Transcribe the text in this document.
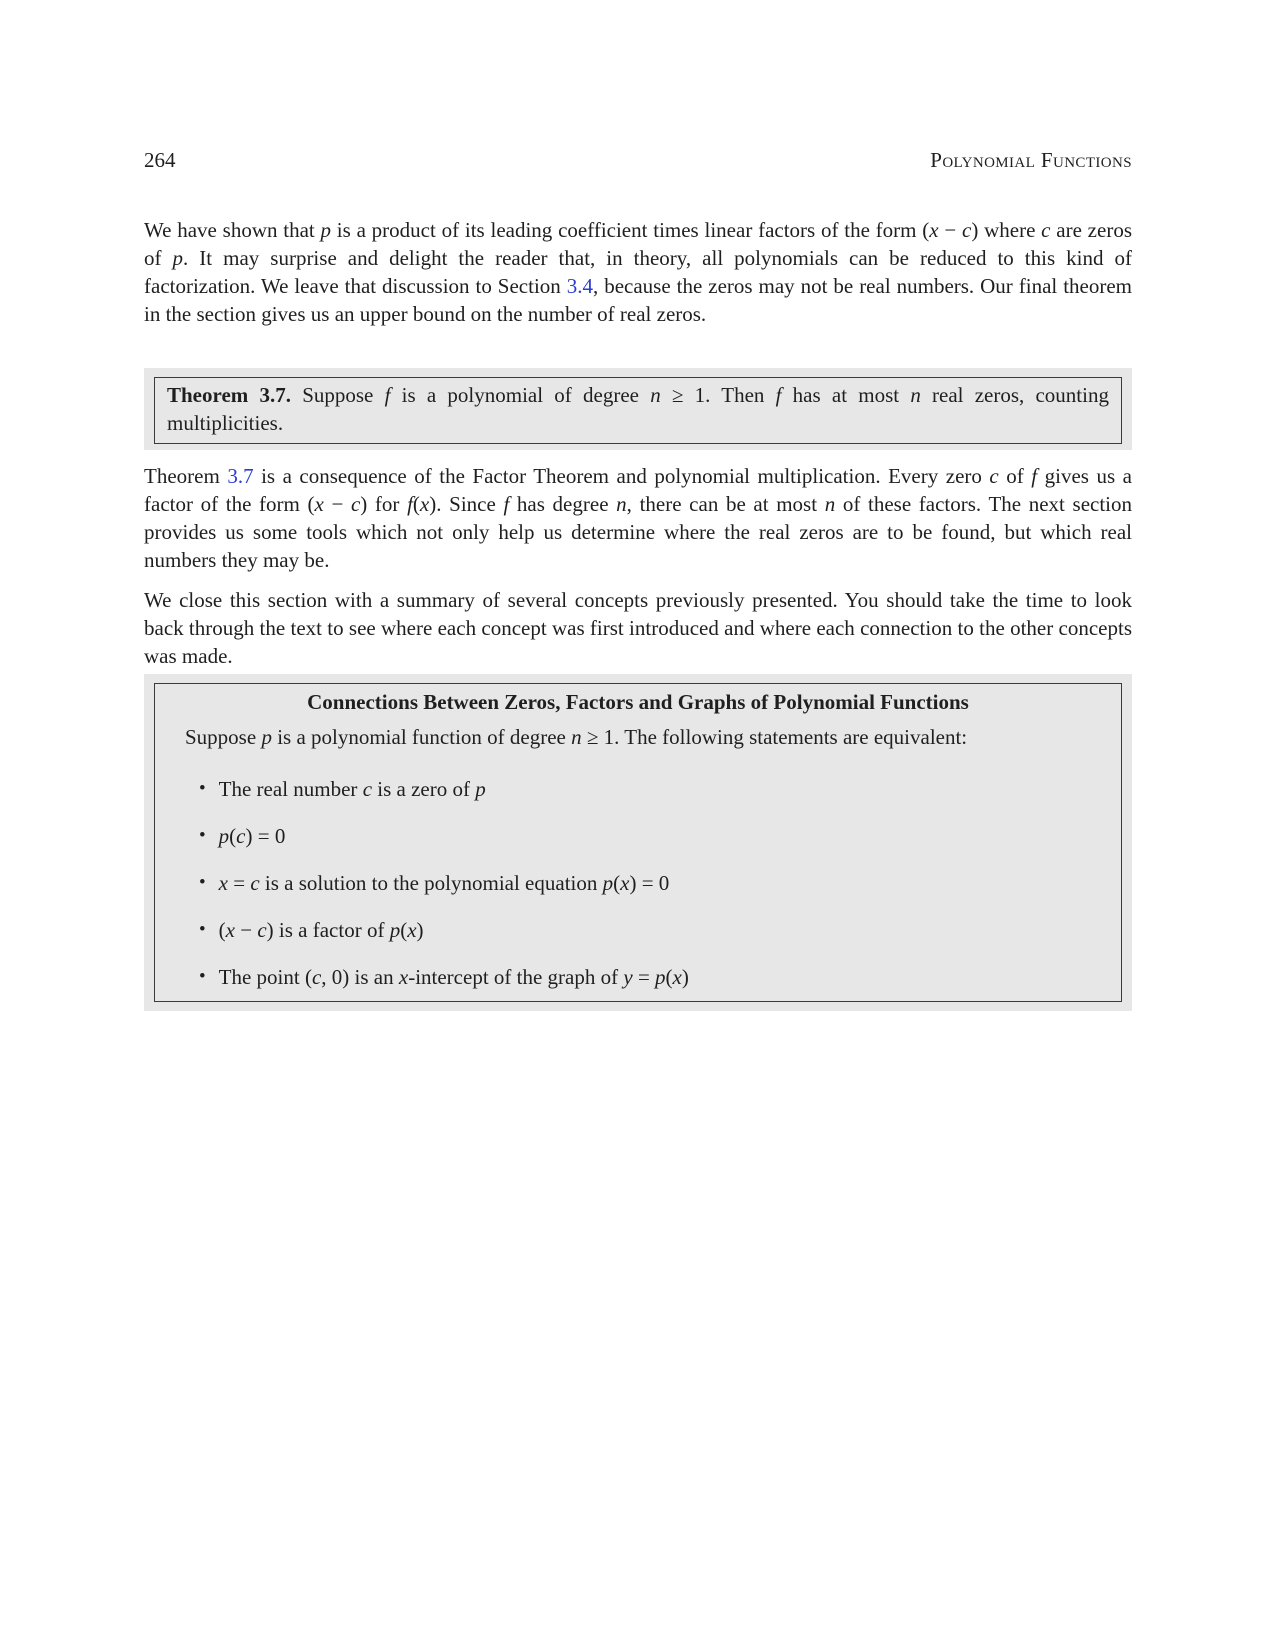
264	Polynomial Functions
We have shown that p is a product of its leading coefficient times linear factors of the form (x − c) where c are zeros of p. It may surprise and delight the reader that, in theory, all polynomials can be reduced to this kind of factorization. We leave that discussion to Section 3.4, because the zeros may not be real numbers. Our final theorem in the section gives us an upper bound on the number of real zeros.
Theorem 3.7. Suppose f is a polynomial of degree n ≥ 1. Then f has at most n real zeros, counting multiplicities.
Theorem 3.7 is a consequence of the Factor Theorem and polynomial multiplication. Every zero c of f gives us a factor of the form (x − c) for f(x). Since f has degree n, there can be at most n of these factors. The next section provides us some tools which not only help us determine where the real zeros are to be found, but which real numbers they may be.
We close this section with a summary of several concepts previously presented. You should take the time to look back through the text to see where each concept was first introduced and where each connection to the other concepts was made.
Connections Between Zeros, Factors and Graphs of Polynomial Functions
Suppose p is a polynomial function of degree n ≥ 1. The following statements are equivalent:
• The real number c is a zero of p
• p(c) = 0
• x = c is a solution to the polynomial equation p(x) = 0
• (x − c) is a factor of p(x)
• The point (c, 0) is an x-intercept of the graph of y = p(x)
